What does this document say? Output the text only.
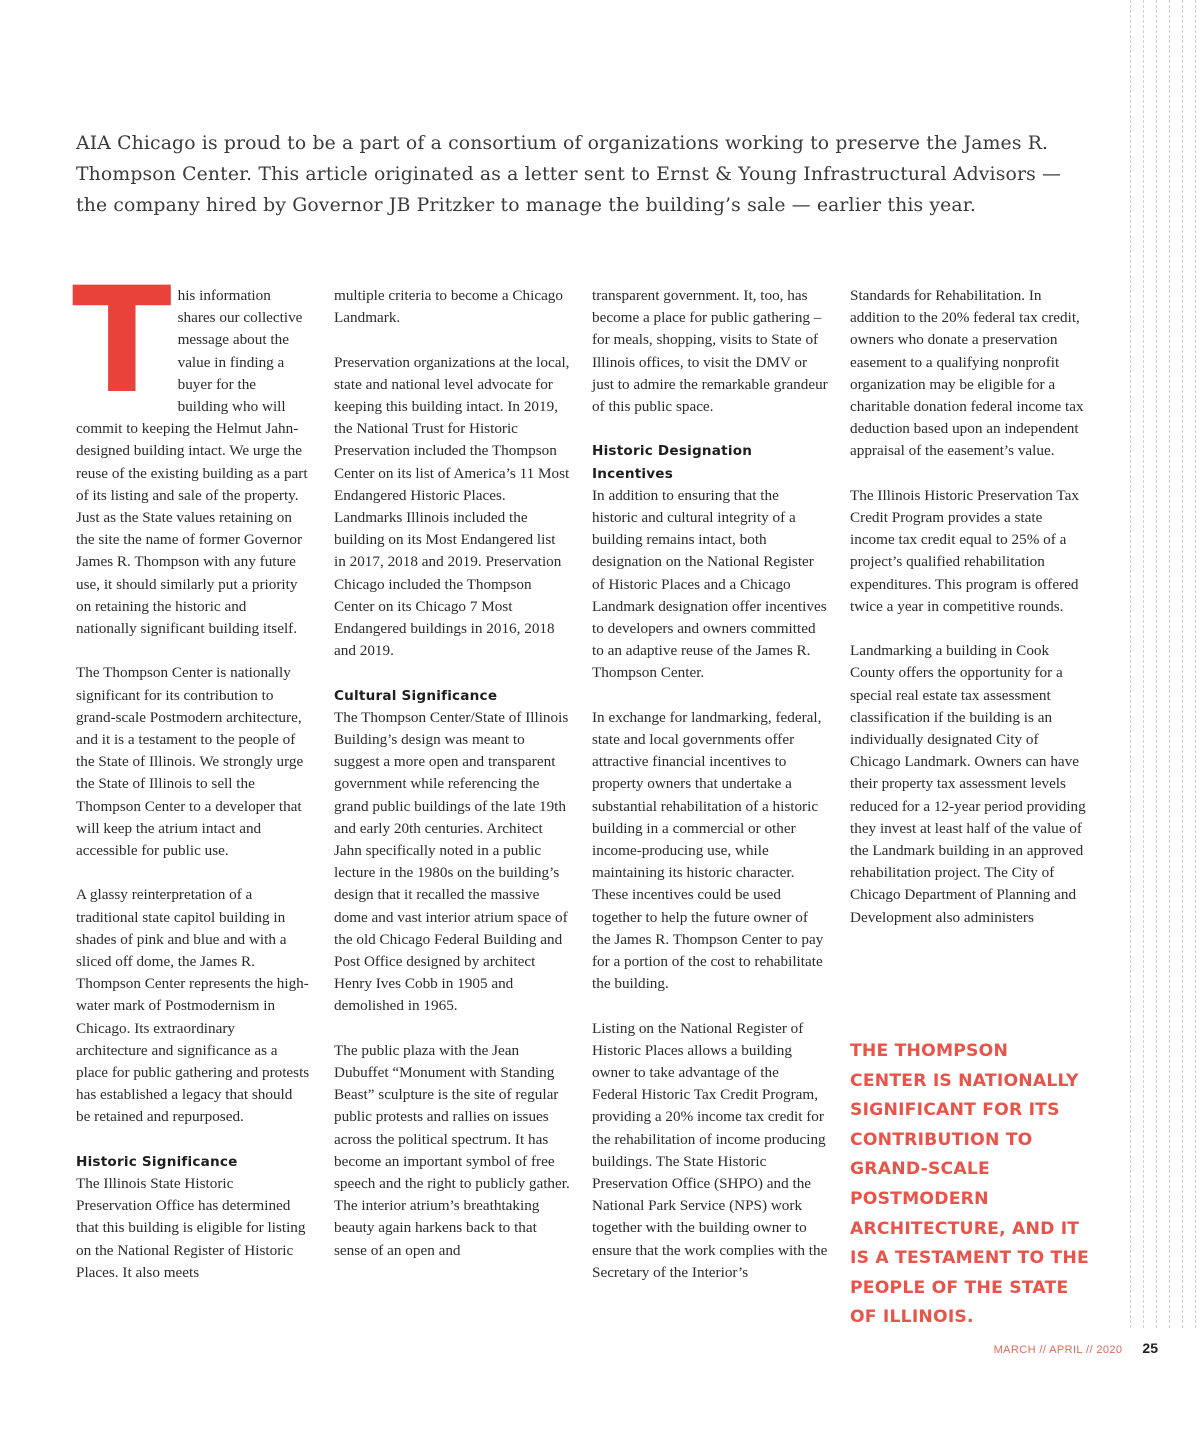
AIA Chicago is proud to be a part of a consortium of organizations working to preserve the James R. Thompson Center. This article originated as a letter sent to Ernst & Young Infrastructural Advisors — the company hired by Governor JB Pritzker to manage the building’s sale — earlier this year.

This information shares our collective message about the value in finding a buyer for the building who will commit to keeping the Helmut Jahn-designed building intact. We urge the reuse of the existing building as a part of its listing and sale of the property. Just as the State values retaining on the site the name of former Governor James R. Thompson with any future use, it should similarly put a priority on retaining the historic and nationally significant building itself.

The Thompson Center is nationally significant for its contribution to grand-scale Postmodern architecture, and it is a testament to the people of the State of Illinois. We strongly urge the State of Illinois to sell the Thompson Center to a developer that will keep the atrium intact and accessible for public use.

A glassy reinterpretation of a traditional state capitol building in shades of pink and blue and with a sliced off dome, the James R. Thompson Center represents the high-water mark of Postmodernism in Chicago. Its extraordinary architecture and significance as a place for public gathering and protests has established a legacy that should be retained and repurposed.

Historic Significance

The Illinois State Historic Preservation Office has determined that this building is eligible for listing on the National Register of Historic Places. It also meets

multiple criteria to become a Chicago Landmark.

Preservation organizations at the local, state and national level advocate for keeping this building intact. In 2019, the National Trust for Historic Preservation included the Thompson Center on its list of America’s 11 Most Endangered Historic Places. Landmarks Illinois included the building on its Most Endangered list in 2017, 2018 and 2019. Preservation Chicago included the Thompson Center on its Chicago 7 Most Endangered buildings in 2016, 2018 and 2019.

Cultural Significance

The Thompson Center/State of Illinois Building’s design was meant to suggest a more open and transparent government while referencing the grand public buildings of the late 19th and early 20th centuries. Architect Jahn specifically noted in a public lecture in the 1980s on the building’s design that it recalled the massive dome and vast interior atrium space of the old Chicago Federal Building and Post Office designed by architect Henry Ives Cobb in 1905 and demolished in 1965.

The public plaza with the Jean Dubuffet “Monument with Standing Beast” sculpture is the site of regular public protests and rallies on issues across the political spectrum. It has become an important symbol of free speech and the right to publicly gather. The interior atrium’s breathtaking beauty again harkens back to that sense of an open and

transparent government. It, too, has become a place for public gathering – for meals, shopping, visits to State of Illinois offices, to visit the DMV or just to admire the remarkable grandeur of this public space.

Historic Designation Incentives

In addition to ensuring that the historic and cultural integrity of a building remains intact, both designation on the National Register of Historic Places and a Chicago Landmark designation offer incentives to developers and owners committed to an adaptive reuse of the James R. Thompson Center.

In exchange for landmarking, federal, state and local governments offer attractive financial incentives to property owners that undertake a substantial rehabilitation of a historic building in a commercial or other income-producing use, while maintaining its historic character. These incentives could be used together to help the future owner of the James R. Thompson Center to pay for a portion of the cost to rehabilitate the building.

Listing on the National Register of Historic Places allows a building owner to take advantage of the Federal Historic Tax Credit Program, providing a 20% income tax credit for the rehabilitation of income producing buildings. The State Historic Preservation Office (SHPO) and the National Park Service (NPS) work together with the building owner to ensure that the work complies with the Secretary of the Interior’s

Standards for Rehabilitation. In addition to the 20% federal tax credit, owners who donate a preservation easement to a qualifying nonprofit organization may be eligible for a charitable donation federal income tax deduction based upon an independent appraisal of the easement’s value.

The Illinois Historic Preservation Tax Credit Program provides a state income tax credit equal to 25% of a project’s qualified rehabilitation expenditures. This program is offered twice a year in competitive rounds.

Landmarking a building in Cook County offers the opportunity for a special real estate tax assessment classification if the building is an individually designated City of Chicago Landmark. Owners can have their property tax assessment levels reduced for a 12-year period providing they invest at least half of the value of the Landmark building in an approved rehabilitation project. The City of Chicago Department of Planning and Development also administers

THE THOMPSON CENTER IS NATIONALLY SIGNIFICANT FOR ITS CONTRIBUTION TO GRAND-SCALE POSTMODERN ARCHITECTURE, AND IT IS A TESTAMENT TO THE PEOPLE OF THE STATE OF ILLINOIS.

MARCH // APRIL // 2020 25
